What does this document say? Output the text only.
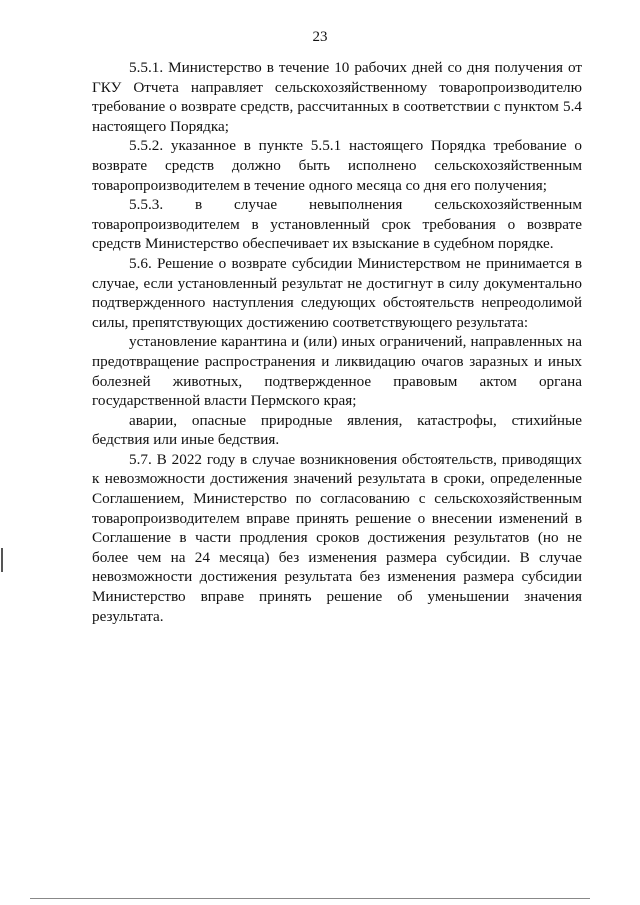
23

5.5.1. Министерство в течение 10 рабочих дней со дня получения от ГКУ Отчета направляет сельскохозяйственному товаропроизводителю требование о возврате средств, рассчитанных в соответствии с пунктом 5.4 настоящего Порядка;

5.5.2. указанное в пункте 5.5.1 настоящего Порядка требование о возврате средств должно быть исполнено сельскохозяйственным товаропроизводителем в течение одного месяца со дня его получения;

5.5.3. в случае невыполнения сельскохозяйственным товаропроизводителем в установленный срок требования о возврате средств Министерство обеспечивает их взыскание в судебном порядке.

5.6. Решение о возврате субсидии Министерством не принимается в случае, если установленный результат не достигнут в силу документально подтвержденного наступления следующих обстоятельств непреодолимой силы, препятствующих достижению соответствующего результата:

установление карантина и (или) иных ограничений, направленных на предотвращение распространения и ликвидацию очагов заразных и иных болезней животных, подтвержденное правовым актом органа государственной власти Пермского края;

аварии, опасные природные явления, катастрофы, стихийные бедствия или иные бедствия.

5.7. В 2022 году в случае возникновения обстоятельств, приводящих к невозможности достижения значений результата в сроки, определенные Соглашением, Министерство по согласованию с сельскохозяйственным товаропроизводителем вправе принять решение о внесении изменений в Соглашение в части продления сроков достижения результатов (но не более чем на 24 месяца) без изменения размера субсидии. В случае невозможности достижения результата без изменения размера субсидии Министерство вправе принять решение об уменьшении значения результата.
